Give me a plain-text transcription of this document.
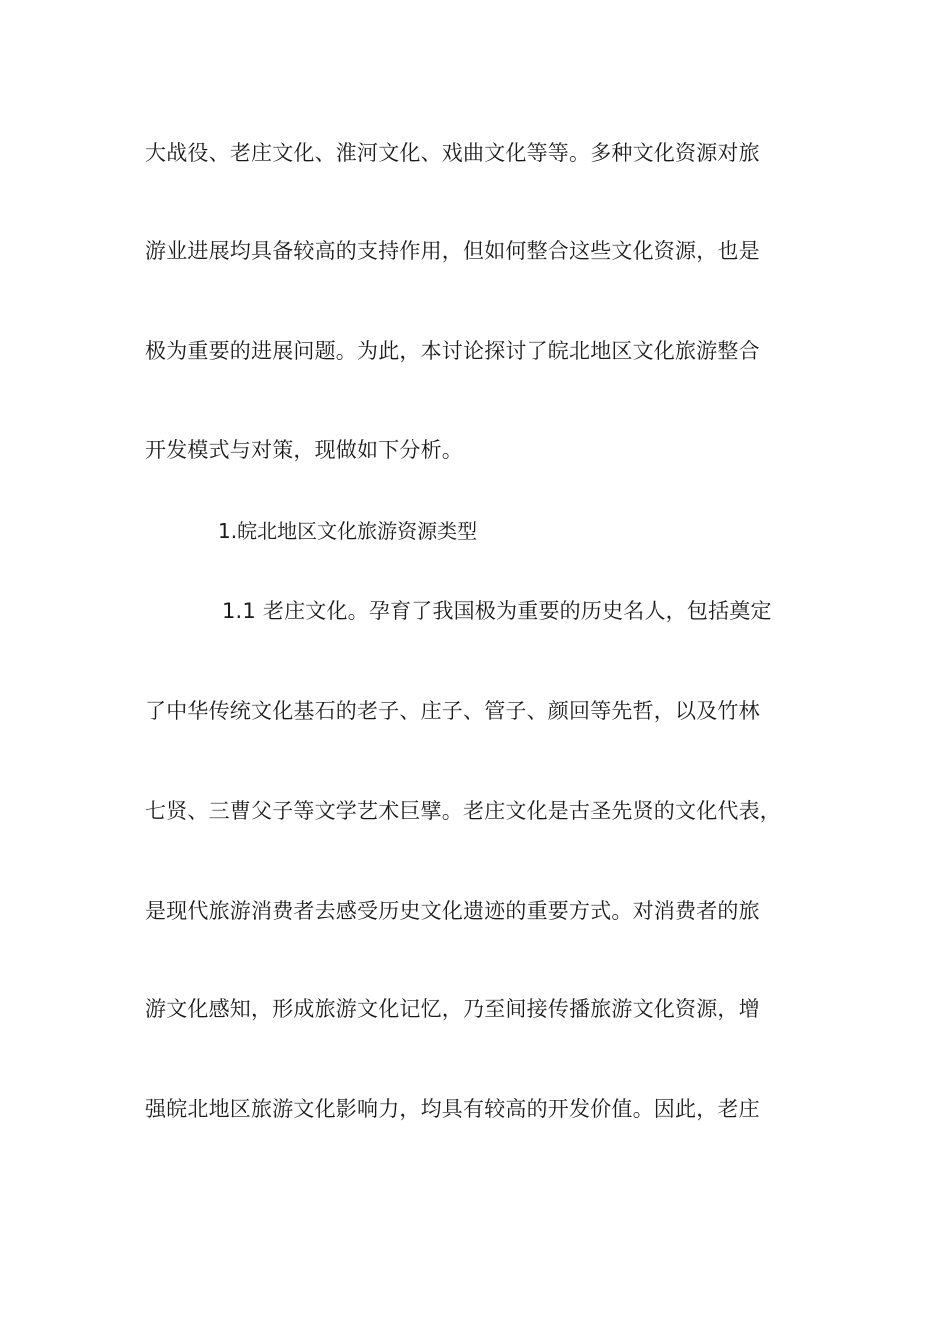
大战役、老庄文化、淮河文化、戏曲文化等等。多种文化资源对旅
游业进展均具备较高的支持作用，但如何整合这些文化资源，也是
极为重要的进展问题。为此，本讨论探讨了皖北地区文化旅游整合
开发模式与对策，现做如下分析。
1.皖北地区文化旅游资源类型
1.1 老庄文化。孕育了我国极为重要的历史名人，包括奠定
了中华传统文化基石的老子、庄子、管子、颜回等先哲，以及竹林
七贤、三曹父子等文学艺术巨擘。老庄文化是古圣先贤的文化代表，
是现代旅游消费者去感受历史文化遗迹的重要方式。对消费者的旅
游文化感知，形成旅游文化记忆，乃至间接传播旅游文化资源，增
强皖北地区旅游文化影响力，均具有较高的开发价值。因此，老庄
